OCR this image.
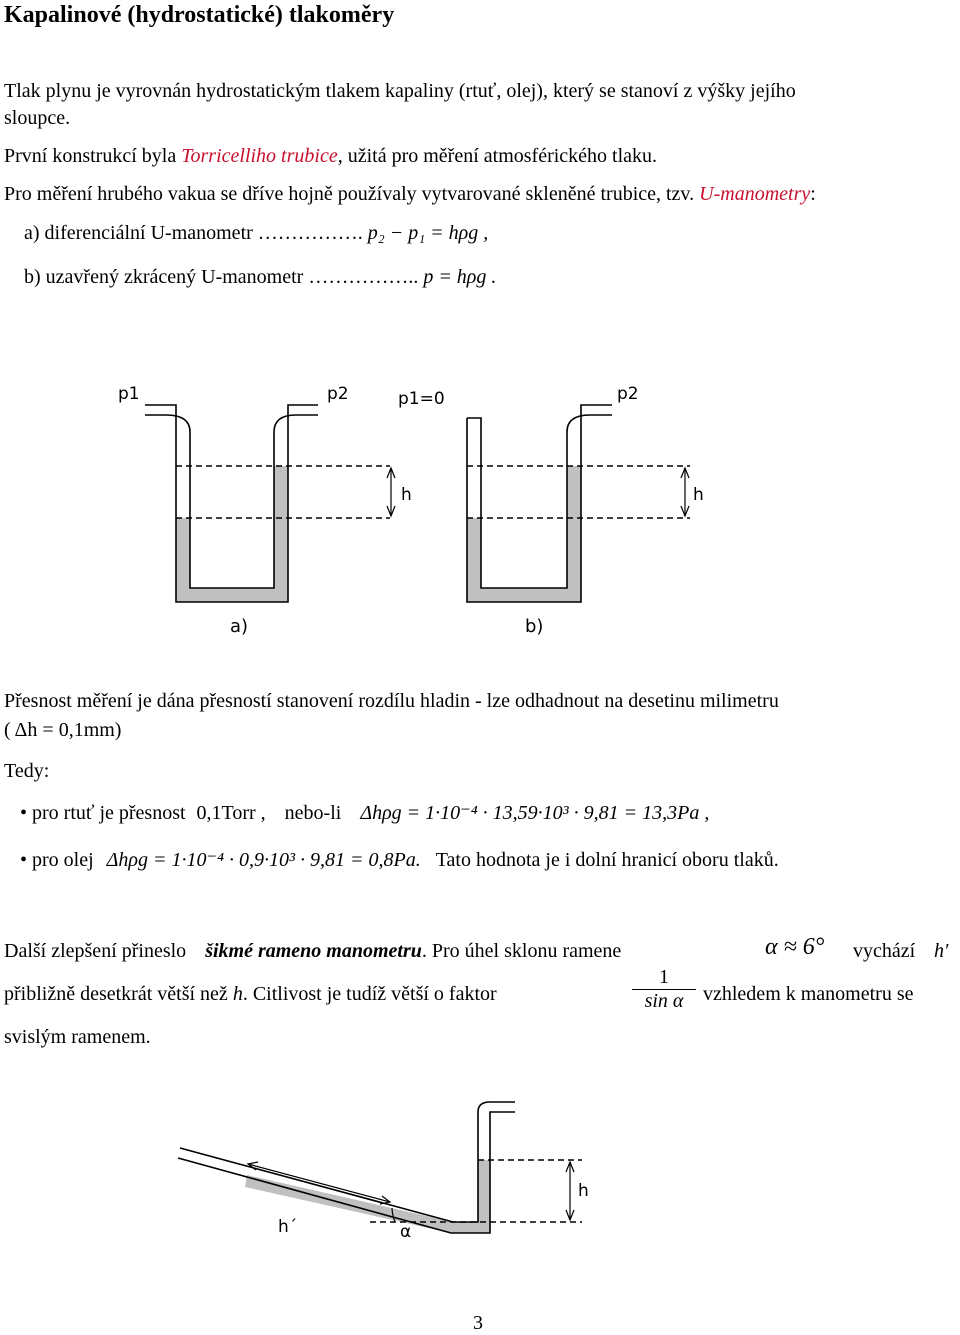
Kapalinové (hydrostatické) tlakoměry
Tlak plynu je vyrovnán hydrostatickým tlakem kapaliny (rtuť, olej), který se stanoví z výšky jejího
sloupce.
První konstrukcí byla Torricelliho trubice, užitá pro měření atmosférického tlaku.
Pro měření hrubého vakua se dříve hojně používaly vytvarované skleněné trubice, tzv. U-manometry:
a) diferenciální U-manometr ……………. p₂ − p₁ = hρg ,
b) uzavřený zkrácený U-manometr …………….. p = hρg .
p1	p2	p1=0	p2
h	h
a)	b)
Přesnost měření je dána přesností stanovení rozdílu hladin - lze odhadnout na desetinu milimetru
( Δh = 0,1mm)
Tedy:
• pro rtuť je přesnost 0,1Torr , nebo-li Δhρg = 1·10⁻⁴ · 13,59·10³ · 9,81 = 13,3Pa ,
• pro olej Δhρg = 1·10⁻⁴ · 0,9·10³ · 9,81 = 0,8Pa. Tato hodnota je i dolní hranicí oboru tlaků.
Další zlepšení přineslo šikmé rameno manometru. Pro úhel sklonu ramene	α ≈ 6° vychází h′
přibližně desetkrát větší než h. Citlivost je tudíž větší o faktor	$\frac{1}{\text{sin α}}$ vzhledem k manometru se
svislým ramenem.
h
h´	α
3
